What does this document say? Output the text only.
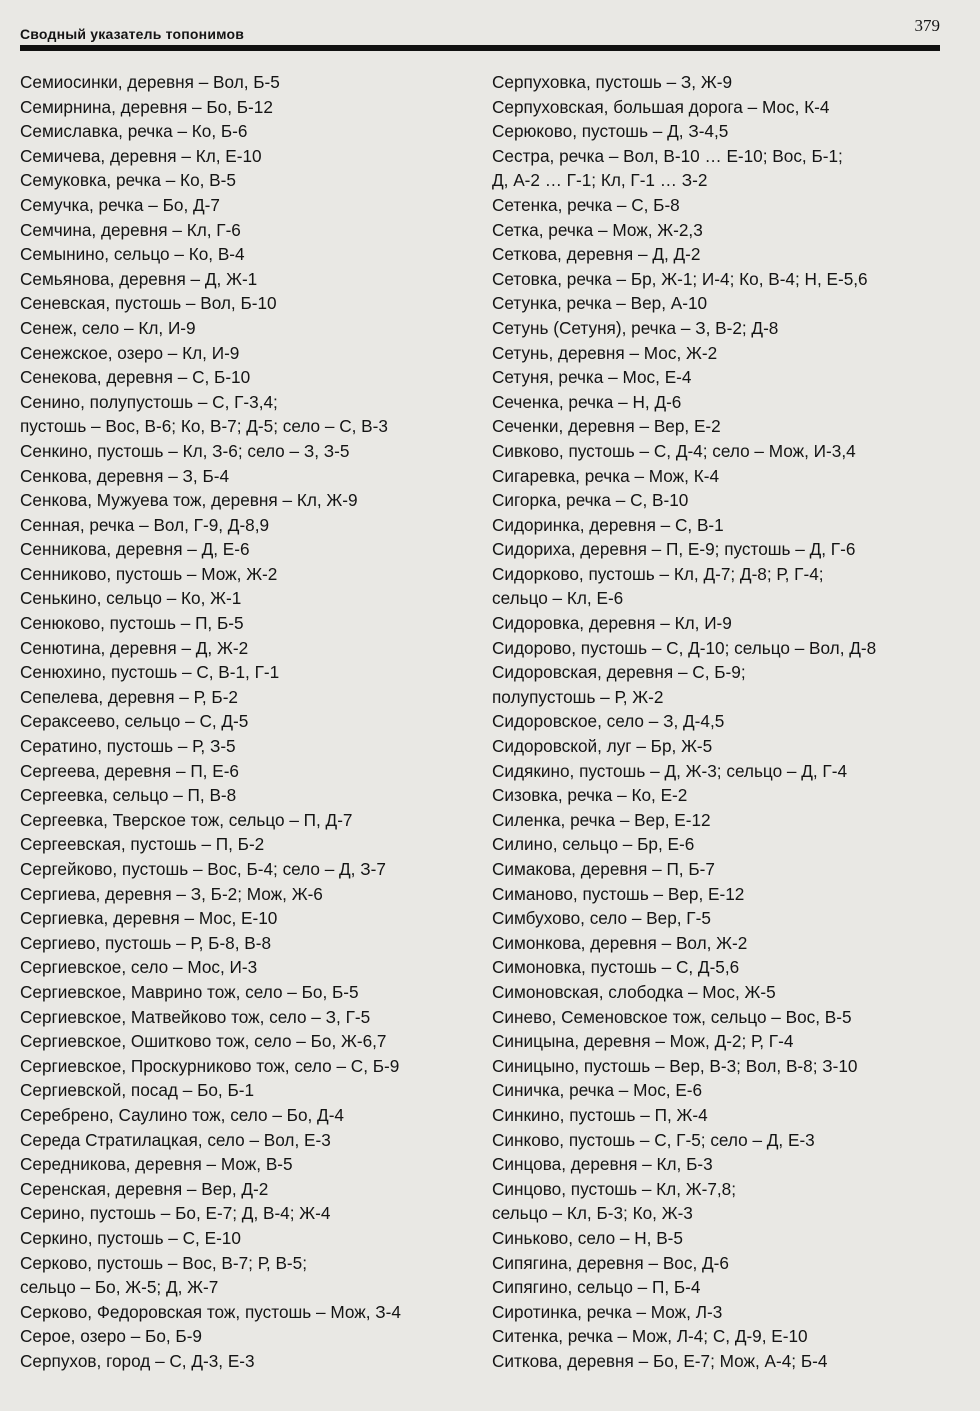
Сводный указатель топонимов	379
Семиосинки, деревня – Вол, Б-5
Семирнина, деревня – Бо, Б-12
Семиславка, речка – Ко, Б-6
Семичева, деревня – Кл, Е-10
Семуковка, речка – Ко, В-5
Семучка, речка – Бо, Д-7
Семчина, деревня – Кл, Г-6
Семынино, сельцо – Ко, В-4
Семьянова, деревня – Д, Ж-1
Сеневская, пустошь – Вол, Б-10
Сенеж, село – Кл, И-9
Сенежское, озеро – Кл, И-9
Сенекова, деревня – С, Б-10
Сенино, полупустошь – С, Г-3,4;
пустошь – Вос, В-6; Ко, В-7; Д-5; село – С, В-3
Сенкино, пустошь – Кл, З-6; село – З, З-5
Сенкова, деревня – З, Б-4
Сенкова, Мужуева тож, деревня – Кл, Ж-9
Сенная, речка – Вол, Г-9, Д-8,9
Сенникова, деревня – Д, Е-6
Сенниково, пустошь – Мож, Ж-2
Сенькино, сельцо – Ко, Ж-1
Сенюково, пустошь – П, Б-5
Сенютина, деревня – Д, Ж-2
Сенюхино, пустошь – С, В-1, Г-1
Сепелева, деревня – Р, Б-2
Сераксеево, сельцо – С, Д-5
Сератино, пустошь – Р, З-5
Сергеева, деревня – П, Е-6
Сергеевка, сельцо – П, В-8
Сергеевка, Тверское тож, сельцо – П, Д-7
Сергеевская, пустошь – П, Б-2
Сергейково, пустошь – Вос, Б-4; село – Д, З-7
Сергиева, деревня – З, Б-2; Мож, Ж-6
Сергиевка, деревня – Мос, Е-10
Сергиево, пустошь – Р, Б-8, В-8
Сергиевское, село – Мос, И-3
Сергиевское, Маврино тож, село – Бо, Б-5
Сергиевское, Матвейково тож, село – З, Г-5
Сергиевское, Ошитково тож, село – Бо, Ж-6,7
Сергиевское, Проскурниково тож, село – С, Б-9
Сергиевской, посад – Бо, Б-1
Серебрено, Саулино тож, село – Бо, Д-4
Середа Стратилацкая, село – Вол, Е-3
Середникова, деревня – Мож, В-5
Серенская, деревня – Вер, Д-2
Серино, пустошь – Бо, Е-7; Д, В-4; Ж-4
Серкино, пустошь – С, Е-10
Серково, пустошь – Вос, В-7; Р, В-5;
сельцо – Бо, Ж-5; Д, Ж-7
Серково, Федоровская тож, пустошь – Мож, З-4
Серое, озеро – Бо, Б-9
Серпухов, город – С, Д-3, Е-3
Серпуховка, пустошь – З, Ж-9
Серпуховская, большая дорога – Мос, К-4
Серюково, пустошь – Д, З-4,5
Сестра, речка – Вол, В-10 … Е-10; Вос, Б-1;
Д, А-2 … Г-1; Кл, Г-1 … З-2
Сетенка, речка – С, Б-8
Сетка, речка – Мож, Ж-2,3
Сеткова, деревня – Д, Д-2
Сетовка, речка – Бр, Ж-1; И-4; Ко, В-4; Н, Е-5,6
Сетунка, речка – Вер, А-10
Сетунь (Сетуня), речка – З, В-2; Д-8
Сетунь, деревня – Мос, Ж-2
Сетуня, речка – Мос, Е-4
Сеченка, речка – Н, Д-6
Сеченки, деревня – Вер, Е-2
Сивково, пустошь – С, Д-4; село – Мож, И-3,4
Сигаревка, речка – Мож, К-4
Сигорка, речка – С, В-10
Сидоринка, деревня – С, В-1
Сидориха, деревня – П, Е-9; пустошь – Д, Г-6
Сидорково, пустошь – Кл, Д-7; Д-8; Р, Г-4;
сельцо – Кл, Е-6
Сидоровка, деревня – Кл, И-9
Сидорово, пустошь – С, Д-10; сельцо – Вол, Д-8
Сидоровская, деревня – С, Б-9;
полупустошь – Р, Ж-2
Сидоровское, село – З, Д-4,5
Сидоровской, луг – Бр, Ж-5
Сидякино, пустошь – Д, Ж-3; сельцо – Д, Г-4
Сизовка, речка – Ко, Е-2
Силенка, речка – Вер, Е-12
Силино, сельцо – Бр, Е-6
Симакова, деревня – П, Б-7
Симаново, пустошь – Вер, Е-12
Симбухово, село – Вер, Г-5
Симонкова, деревня – Вол, Ж-2
Симоновка, пустошь – С, Д-5,6
Симоновская, слободка – Мос, Ж-5
Синево, Семеновское тож, сельцо – Вос, В-5
Синицына, деревня – Мож, Д-2; Р, Г-4
Синицыно, пустошь – Вер, В-3; Вол, В-8; З-10
Синичка, речка – Мос, Е-6
Синкино, пустошь – П, Ж-4
Синково, пустошь – С, Г-5; село – Д, Е-3
Синцова, деревня – Кл, Б-3
Синцово, пустошь – Кл, Ж-7,8;
сельцо – Кл, Б-3; Ко, Ж-3
Синьково, село – Н, В-5
Сипягина, деревня – Вос, Д-6
Сипягино, сельцо – П, Б-4
Сиротинка, речка – Мож, Л-3
Ситенка, речка – Мож, Л-4; С, Д-9, Е-10
Ситкова, деревня – Бо, Е-7; Мож, А-4; Б-4
